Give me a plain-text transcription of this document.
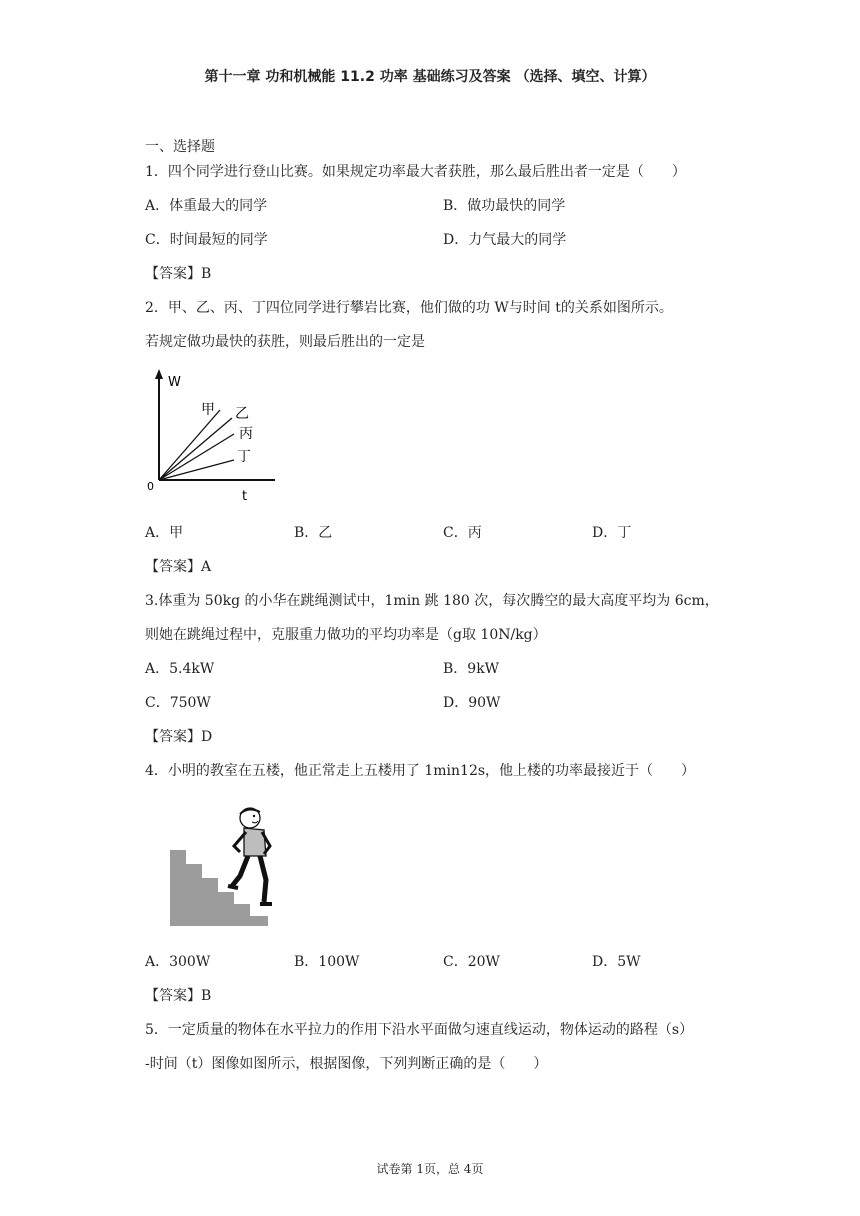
第十一章 功和机械能 11.2 功率 基础练习及答案 （选择、填空、计算）
一、选择题
1．四个同学进行登山比赛。如果规定功率最大者获胜，那么最后胜出者一定是（　　）
A．体重最大的同学	B．做功最快的同学
C．时间最短的同学	D．力气最大的同学
【答案】B
2．甲、乙、丙、丁四位同学进行攀岩比赛，他们做的功 W与时间 t的关系如图所示。
若规定做功最快的获胜，则最后胜出的一定是
W
t
0
甲 乙
丙
丁
A．甲	B．乙	C．丙	D．丁
【答案】A
3.体重为 50kg 的小华在跳绳测试中，1min 跳 180 次，每次腾空的最大高度平均为 6cm，
则她在跳绳过程中，克服重力做功的平均功率是（g取 10N/kg）
A．5.4kW	B．9kW
C．750W	D．90W
【答案】D
4．小明的教室在五楼，他正常走上五楼用了 1min12s，他上楼的功率最接近于（　　）
A．300W	B．100W	C．20W	D．5W
【答案】B
5．一定质量的物体在水平拉力的作用下沿水平面做匀速直线运动，物体运动的路程（s）
-时间（t）图像如图所示，根据图像，下列判断正确的是（　　）
试卷第 1页，总 4页
